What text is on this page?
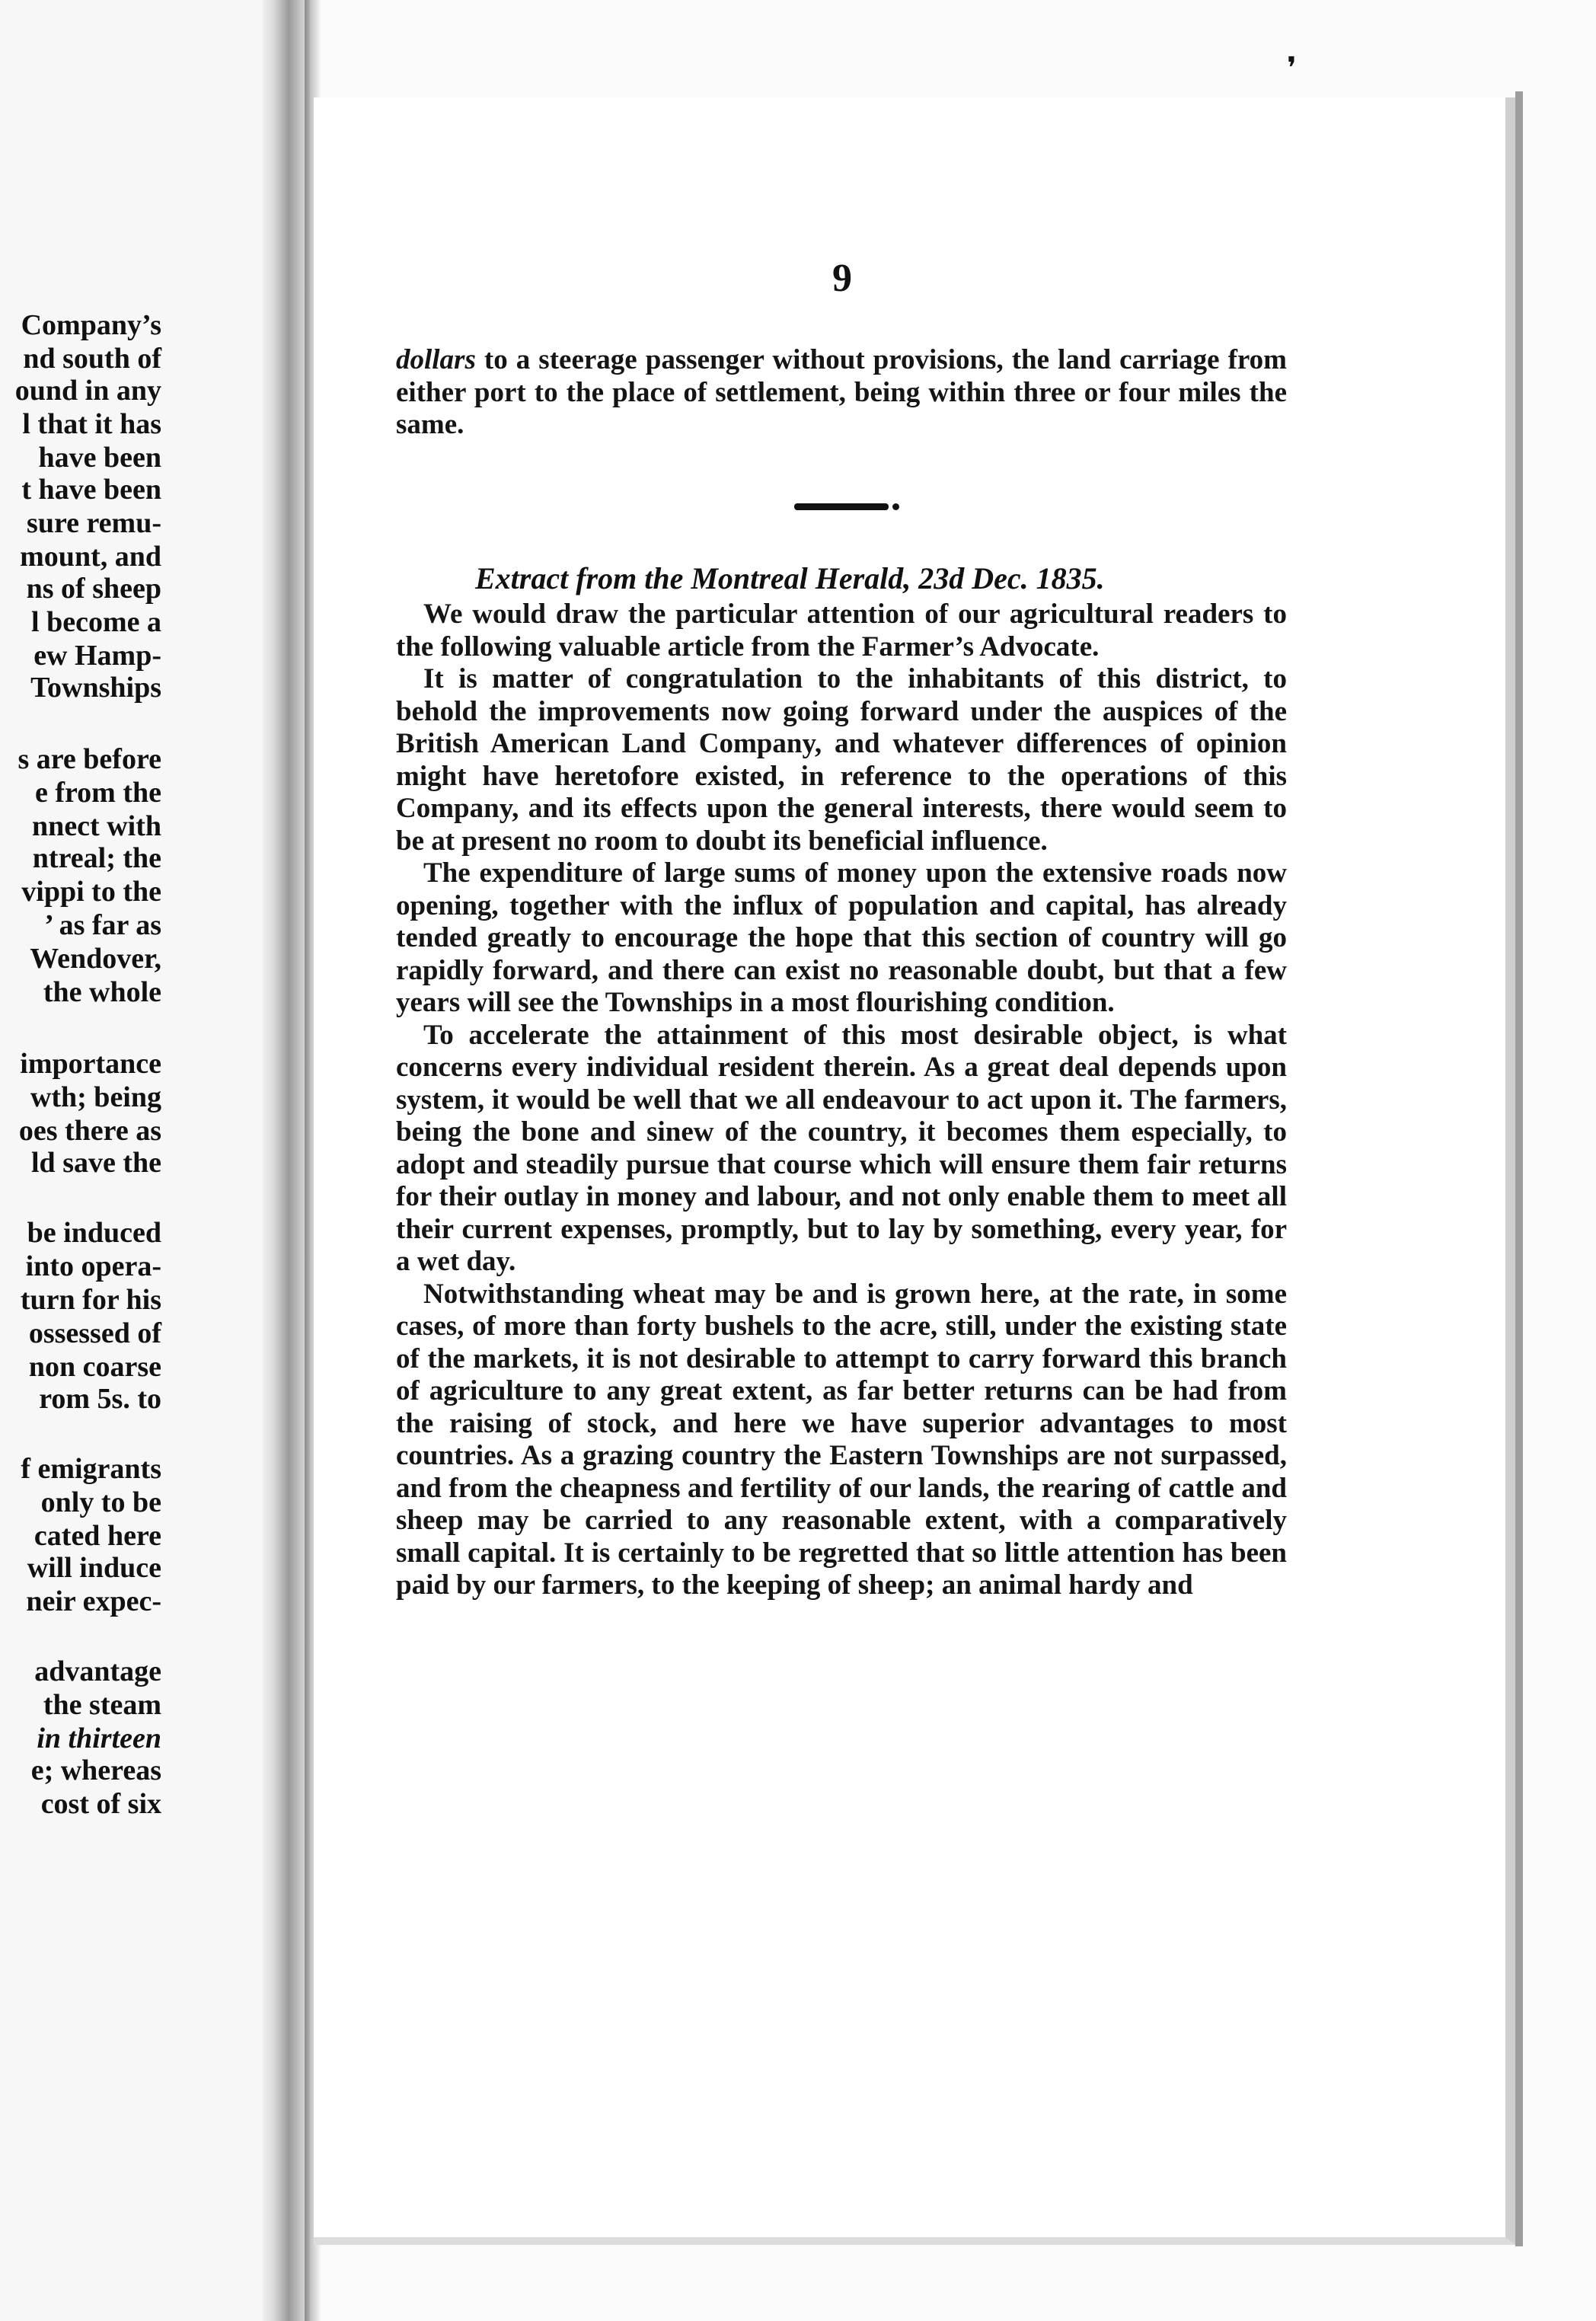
Company’s
nd south of
ound in any
l that it has
have been
t have been
sure remu-
mount, and
ns of sheep
l become a
ew Hamp-
Townships
s are before
e from the
nnect with
ntreal; the
vippi to the
’ as far as
Wendover,
the whole
importance
wth; being
oes there as
ld save the
be induced
into opera-
turn for his
ossessed of
non coarse
rom 5s. to
f emigrants
only to be
cated here
will induce
neir expec-
advantage
the steam
in thirteen
e; whereas
cost of six
❜
9

dollars to a steerage passenger without provisions, the land carriage from either port to the place of settlement, being within three or four miles the same.

Extract from the Montreal Herald, 23d Dec. 1835.

We would draw the particular attention of our agricultural readers to the following valuable article from the Farmer’s Advocate.

It is matter of congratulation to the inhabitants of this district, to behold the improvements now going forward under the auspices of the British American Land Company, and whatever differences of opinion might have heretofore existed, in reference to the operations of this Company, and its effects upon the general interests, there would seem to be at present no room to doubt its beneficial influence.

The expenditure of large sums of money upon the extensive roads now opening, together with the influx of population and capital, has already tended greatly to encourage the hope that this section of country will go rapidly forward, and there can exist no reasonable doubt, but that a few years will see the Townships in a most flourishing condition.

To accelerate the attainment of this most desirable object, is what concerns every individual resident therein. As a great deal depends upon system, it would be well that we all endeavour to act upon it. The farmers, being the bone and sinew of the country, it becomes them especially, to adopt and steadily pursue that course which will ensure them fair returns for their outlay in money and labour, and not only enable them to meet all their current expenses, promptly, but to lay by something, every year, for a wet day.

Notwithstanding wheat may be and is grown here, at the rate, in some cases, of more than forty bushels to the acre, still, under the existing state of the markets, it is not desirable to attempt to carry forward this branch of agriculture to any great extent, as far better returns can be had from the raising of stock, and here we have superior advantages to most countries. As a grazing country the Eastern Townships are not surpassed, and from the cheapness and fertility of our lands, the rearing of cattle and sheep may be carried to any reasonable extent, with a comparatively small capital. It is certainly to be regretted that so little attention has been paid by our farmers, to the keeping of sheep; an animal hardy and
